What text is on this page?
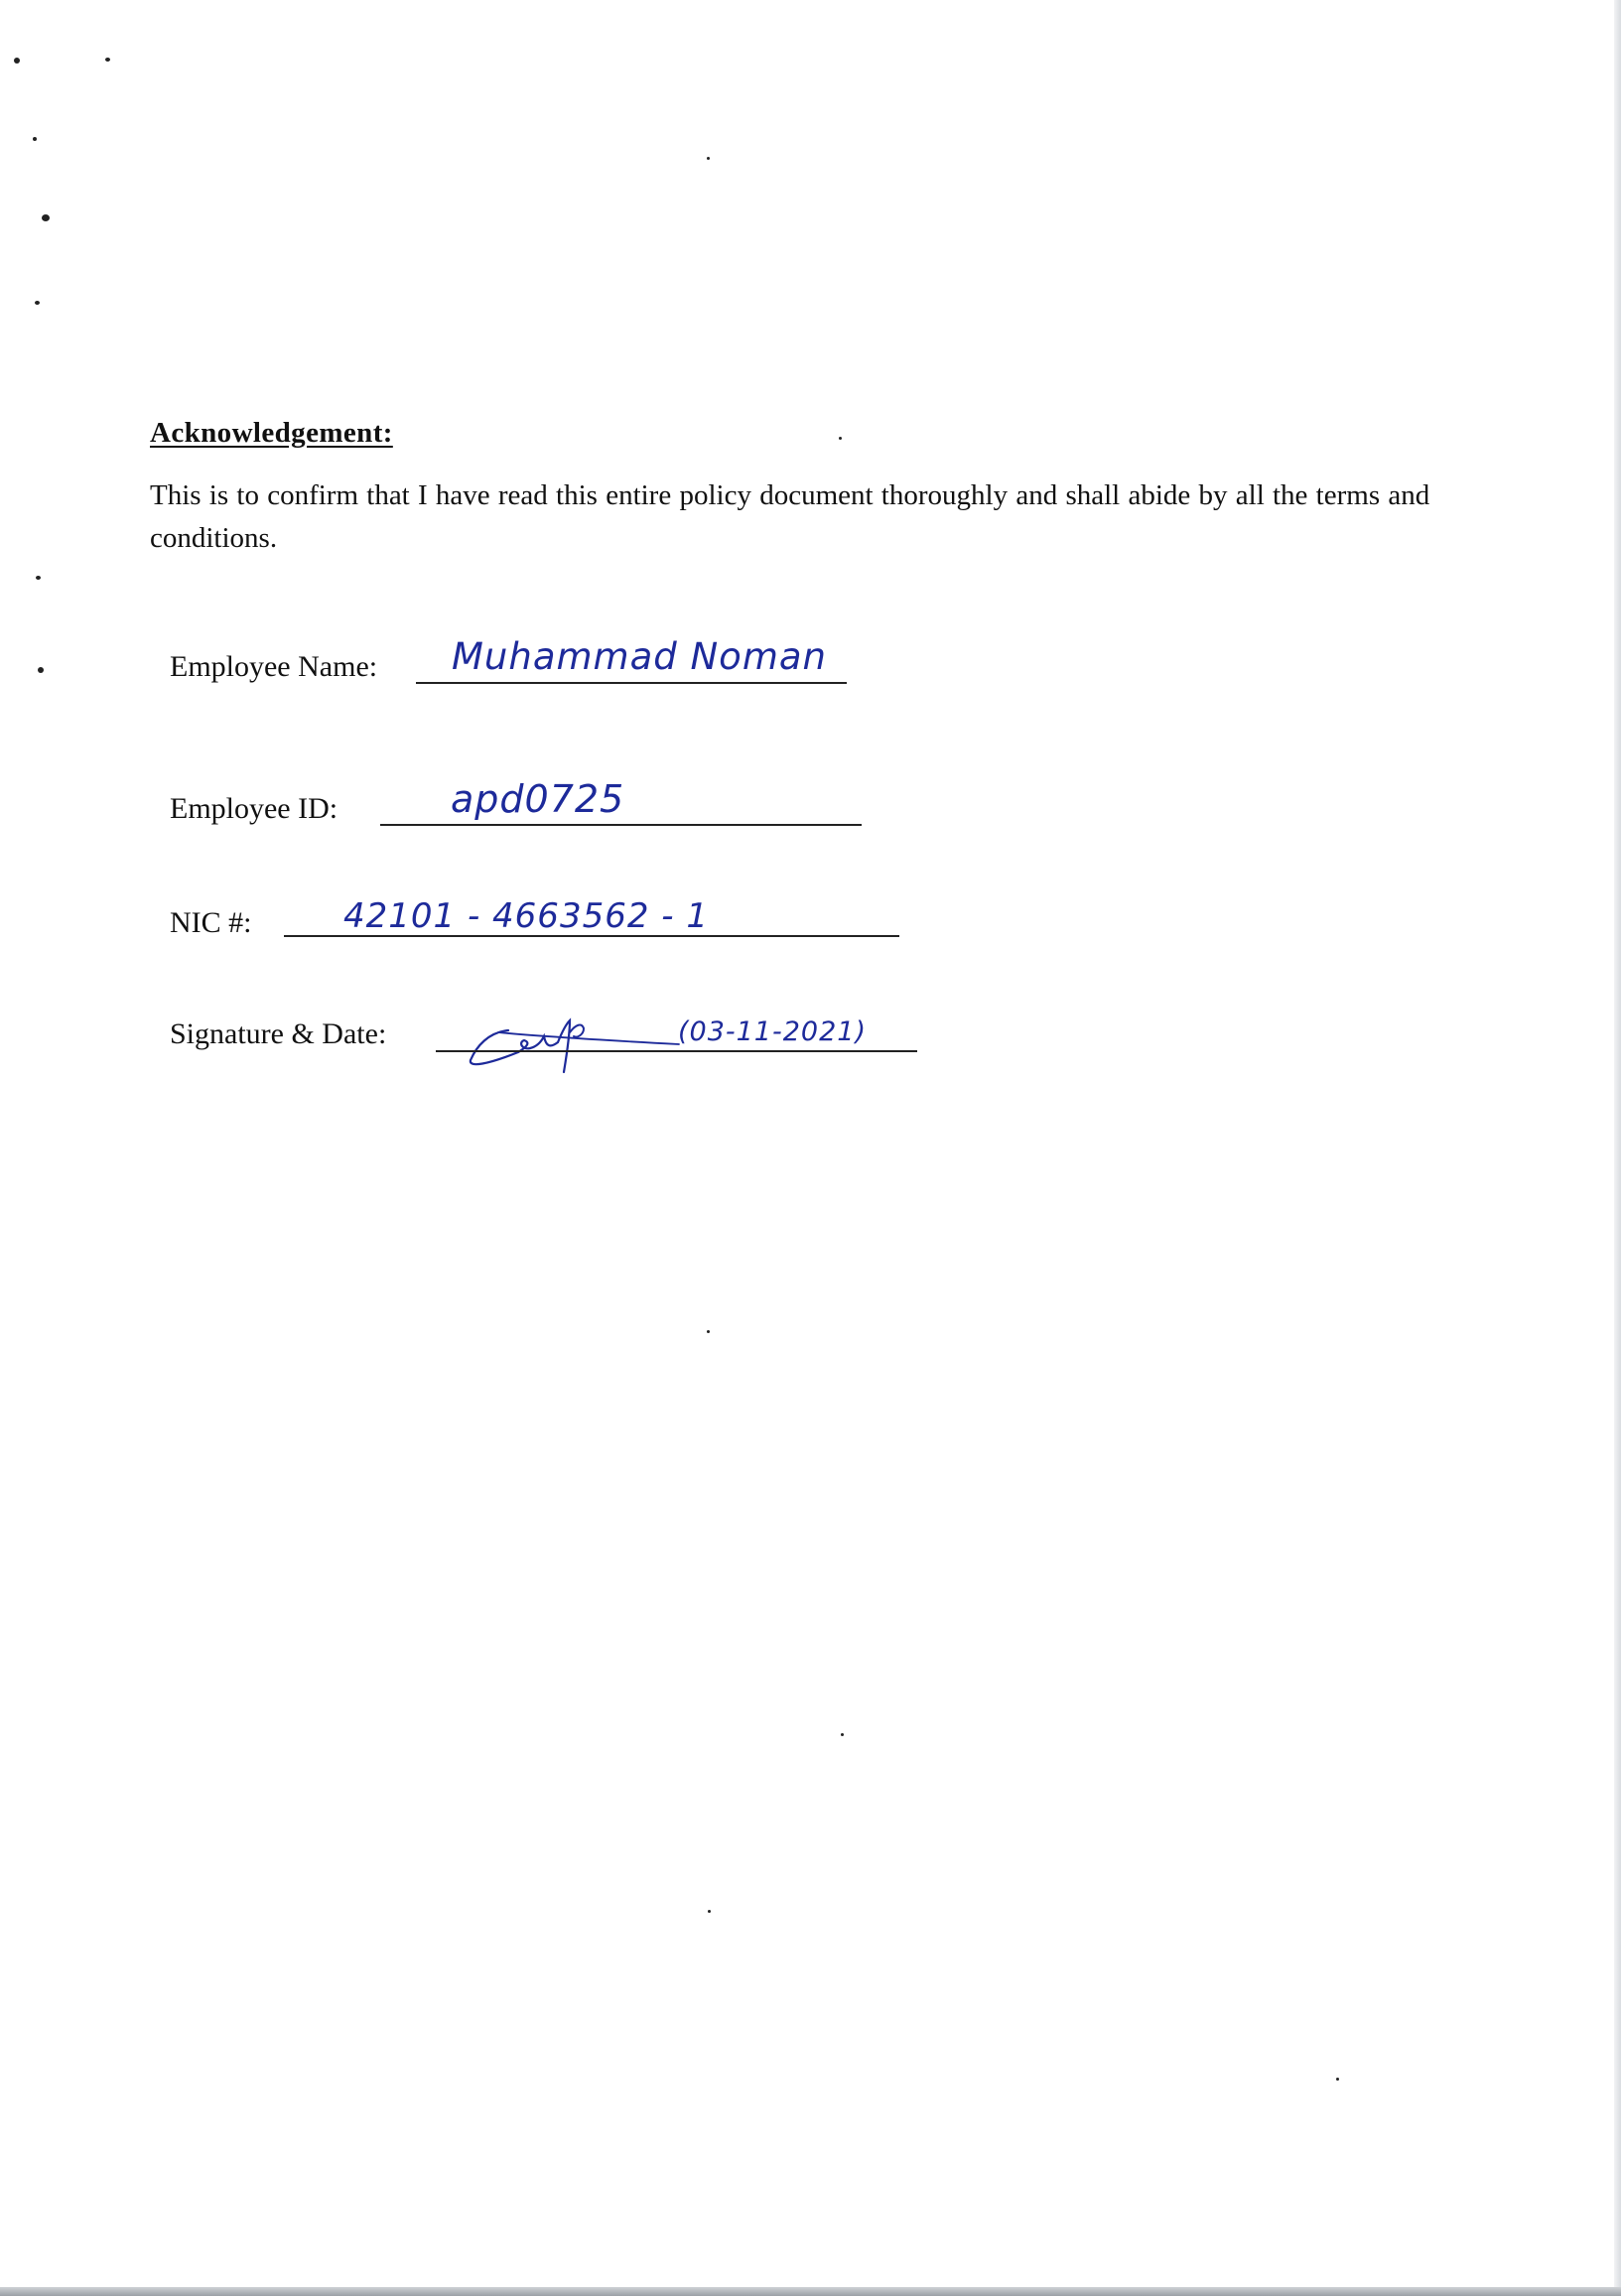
Acknowledgement:
This is to confirm that I have read this entire policy document thoroughly and shall abide by all the terms and conditions.
Employee Name: Muhammad Noman
Employee ID:	apd0725
NIC #:	42101 - 4663562 - 1
Signature & Date:	(03-11-2021)
